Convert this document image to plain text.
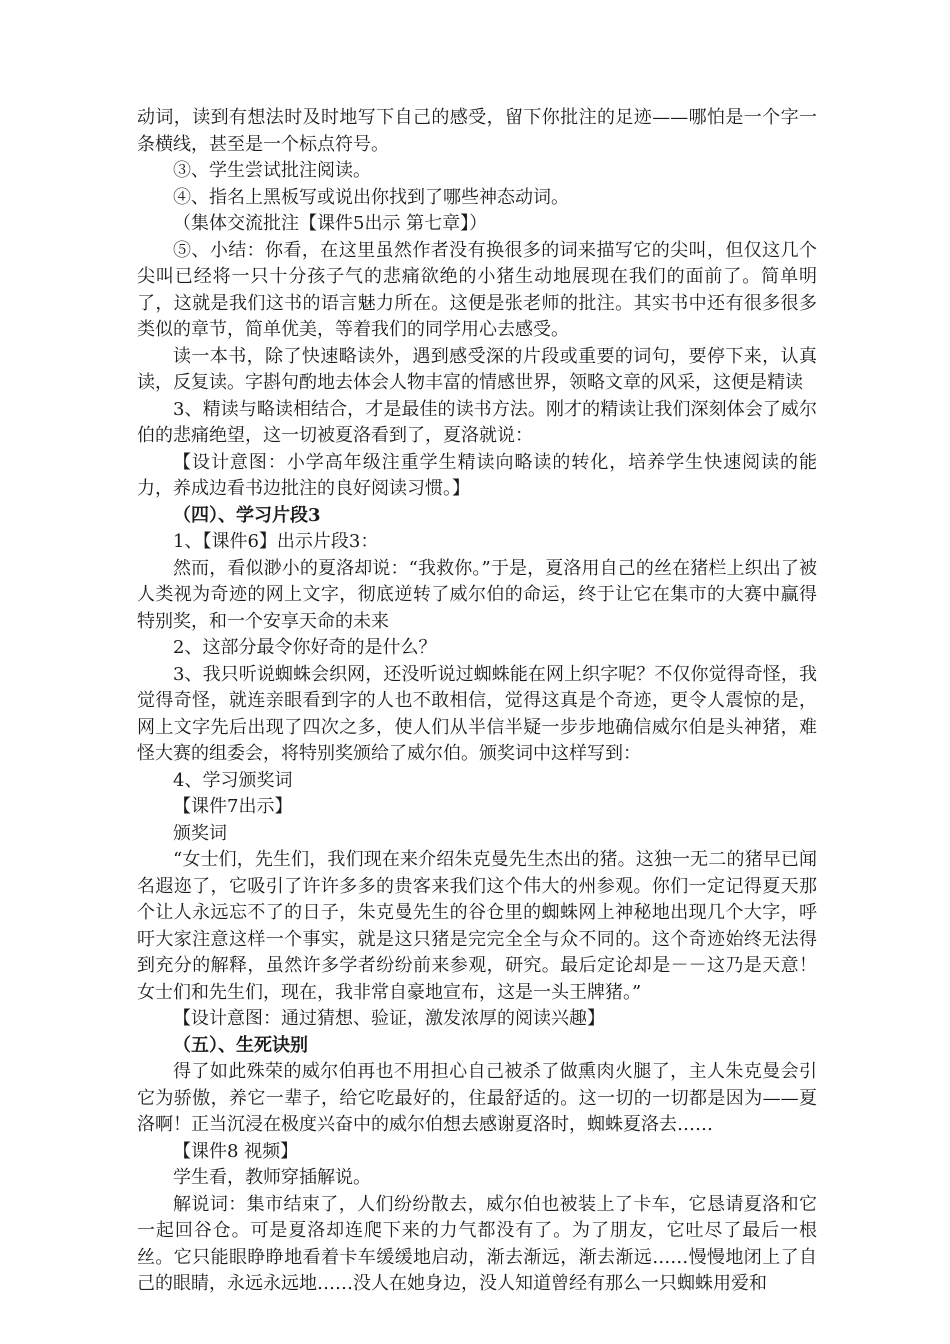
动词，读到有想法时及时地写下自己的感受，留下你批注的足迹——哪怕是一个字一条横线，甚至是一个标点符号。

③、学生尝试批注阅读。

④、指名上黑板写或说出你找到了哪些神态动词。

（集体交流批注【课件5出示 第七章】）

⑤、小结：你看，在这里虽然作者没有换很多的词来描写它的尖叫，但仅这几个尖叫已经将一只十分孩子气的悲痛欲绝的小猪生动地展现在我们的面前了。简单明了，这就是我们这书的语言魅力所在。这便是张老师的批注。其实书中还有很多很多类似的章节，简单优美，等着我们的同学用心去感受。

读一本书，除了快速略读外，遇到感受深的片段或重要的词句，要停下来，认真读，反复读。字斟句酌地去体会人物丰富的情感世界，领略文章的风采，这便是精读

3、精读与略读相结合，才是最佳的读书方法。刚才的精读让我们深刻体会了威尔伯的悲痛绝望，这一切被夏洛看到了，夏洛就说：

【设计意图：小学高年级注重学生精读向略读的转化，培养学生快速阅读的能力，养成边看书边批注的良好阅读习惯。】

（四）、学习片段3

1、【课件6】出示片段3：

然而，看似渺小的夏洛却说：“我救你。”于是，夏洛用自己的丝在猪栏上织出了被人类视为奇迹的网上文字，彻底逆转了威尔伯的命运，终于让它在集市的大赛中赢得特别奖，和一个安享天命的未来

2、这部分最令你好奇的是什么？

3、我只听说蜘蛛会织网，还没听说过蜘蛛能在网上织字呢？不仅你觉得奇怪，我觉得奇怪，就连亲眼看到字的人也不敢相信，觉得这真是个奇迹，更令人震惊的是，网上文字先后出现了四次之多，使人们从半信半疑一步步地确信威尔伯是头神猪，难怪大赛的组委会，将特别奖颁给了威尔伯。颁奖词中这样写到：

4、学习颁奖词

【课件7出示】

颁奖词

“女士们，先生们，我们现在来介绍朱克曼先生杰出的猪。这独一无二的猪早已闻名遐迩了，它吸引了许许多多的贵客来我们这个伟大的州参观。你们一定记得夏天那个让人永远忘不了的日子，朱克曼先生的谷仓里的蜘蛛网上神秘地出现几个大字，呼吁大家注意这样一个事实，就是这只猪是完完全全与众不同的。这个奇迹始终无法得到充分的解释，虽然许多学者纷纷前来参观，研究。最后定论却是－－这乃是天意！女士们和先生们，现在，我非常自豪地宣布，这是一头王牌猪。”

【设计意图：通过猜想、验证，激发浓厚的阅读兴趣】

（五）、生死诀别

得了如此殊荣的威尔伯再也不用担心自己被杀了做熏肉火腿了，主人朱克曼会引它为骄傲，养它一辈子，给它吃最好的，住最舒适的。这一切的一切都是因为——夏洛啊！正当沉浸在极度兴奋中的威尔伯想去感谢夏洛时，蜘蛛夏洛去……

【课件8 视频】

学生看，教师穿插解说。

解说词：集市结束了，人们纷纷散去，威尔伯也被装上了卡车，它恳请夏洛和它一起回谷仓。可是夏洛却连爬下来的力气都没有了。为了朋友，它吐尽了最后一根丝。它只能眼睁睁地看着卡车缓缓地启动，渐去渐远，渐去渐远……慢慢地闭上了自己的眼睛，永远永远地……没人在她身边，没人知道曾经有那么一只蜘蛛用爱和
